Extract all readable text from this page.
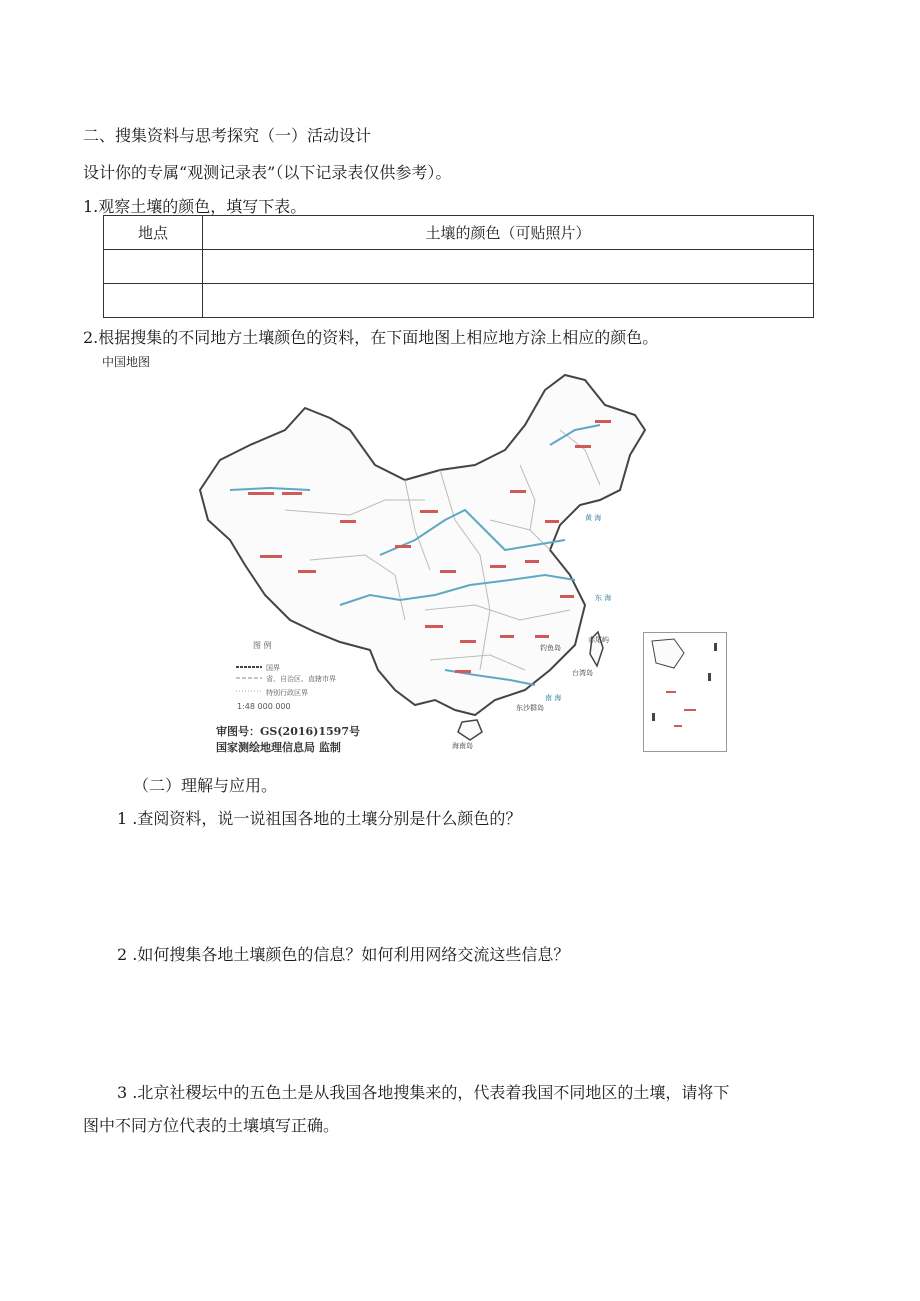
二、搜集资料与思考探究（一）活动设计
设计你的专属“观测记录表”（以下记录表仅供参考）。
1.观察土壤的颜色，填写下表。
地点	土壤的颜色（可贴照片）

2.根据搜集的不同地方土壤颜色的资料，在下面地图上相应地方涂上相应的颜色。
中国地图
黄 海
东 海
南 海
赤尾屿
钓鱼岛
台湾岛
东沙群岛
海南岛
图 例
国界
省、自治区、直辖市界
特别行政区界
1:48 000 000
审图号：GS(2016)1597号
国家测绘地理信息局 监制
（二）理解与应用。
1 .查阅资料，说一说祖国各地的土壤分别是什么颜色的？
2 .如何搜集各地土壤颜色的信息？如何利用网络交流这些信息？
3 .北京社稷坛中的五色土是从我国各地搜集来的，代表着我国不同地区的土壤，请将下
图中不同方位代表的土壤填写正确。
